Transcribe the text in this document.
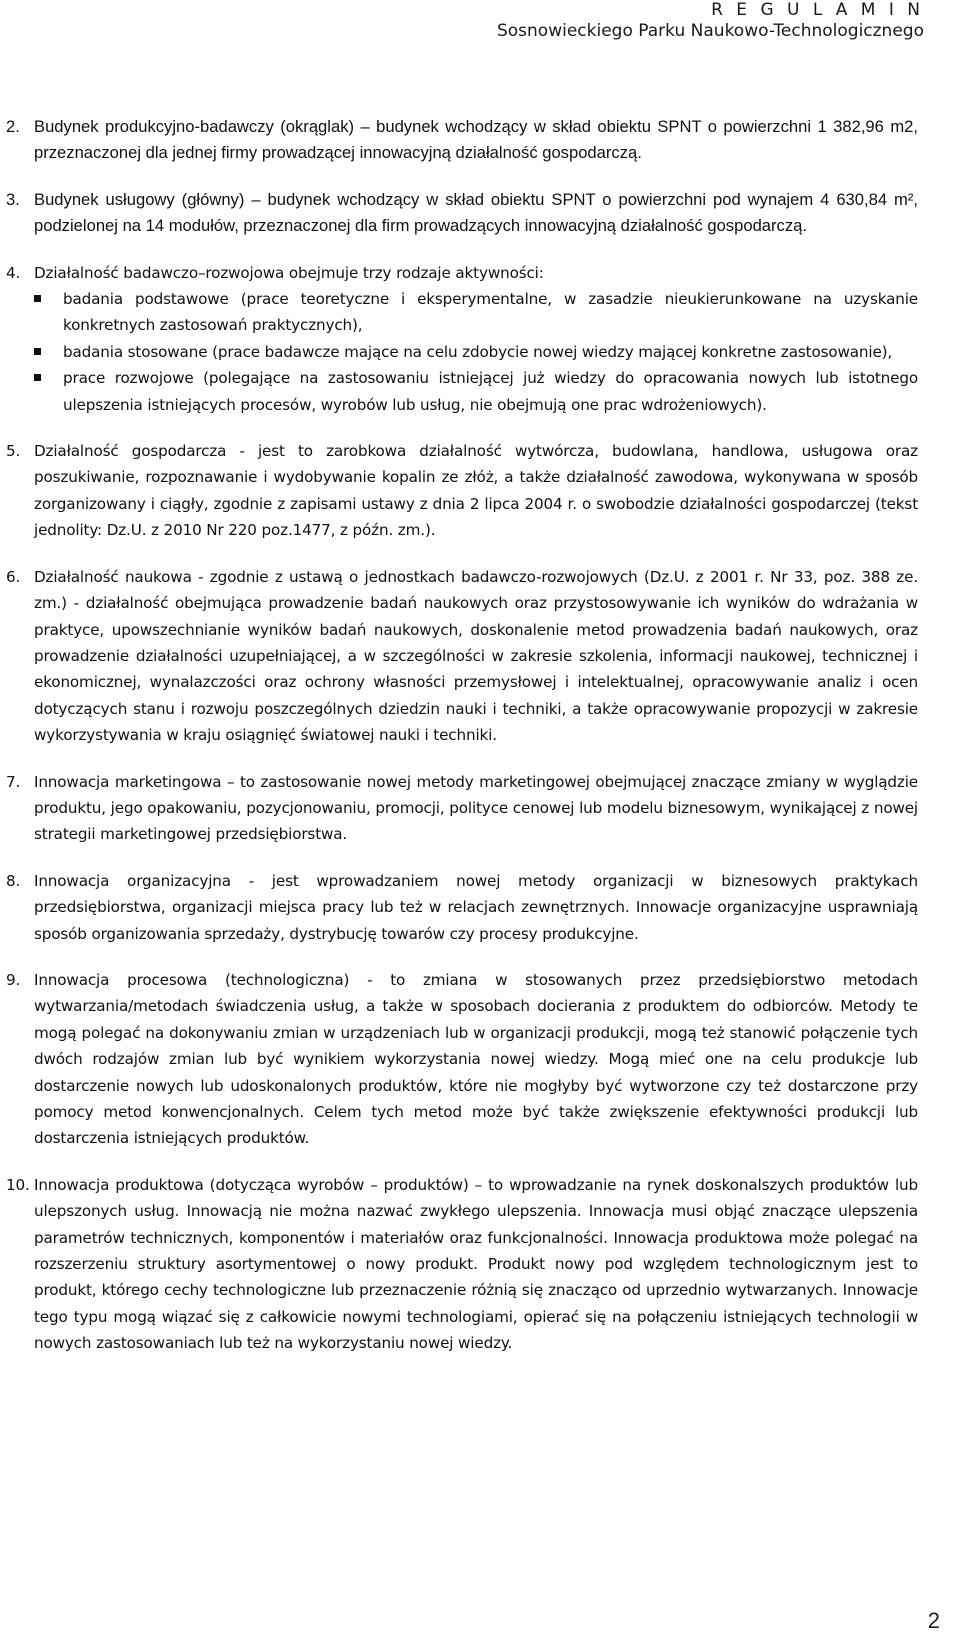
R E G U L A M I N
Sosnowieckiego Parku Naukowo-Technologicznego
2. Budynek produkcyjno-badawczy (okrąglak) – budynek wchodzący w skład obiektu SPNT o powierzchni 1 382,96 m2, przeznaczonej dla jednej firmy prowadzącej innowacyjną działalność gospodarczą.
3. Budynek usługowy (główny) – budynek wchodzący w skład obiektu SPNT o powierzchni pod wynajem 4 630,84 m², podzielonej na 14 modułów, przeznaczonej dla firm prowadzących innowacyjną działalność gospodarczą.
4. Działalność badawczo–rozwojowa obejmuje trzy rodzaje aktywności:
badania podstawowe (prace teoretyczne i eksperymentalne, w zasadzie nieukierunkowane na uzyskanie konkretnych zastosowań praktycznych),
badania stosowane (prace badawcze mające na celu zdobycie nowej wiedzy mającej konkretne zastosowanie),
prace rozwojowe (polegające na zastosowaniu istniejącej już wiedzy do opracowania nowych lub istotnego ulepszenia istniejących procesów, wyrobów lub usług, nie obejmują one prac wdrożeniowych).
5. Działalność gospodarcza - jest to zarobkowa działalność wytwórcza, budowlana, handlowa, usługowa oraz poszukiwanie, rozpoznawanie i wydobywanie kopalin ze złóż, a także działalność zawodowa, wykonywana w sposób zorganizowany i ciągły, zgodnie z zapisami ustawy z dnia 2 lipca 2004 r. o swobodzie działalności gospodarczej (tekst jednolity: Dz.U. z 2010 Nr 220 poz.1477, z późn. zm.).
6. Działalność naukowa - zgodnie z ustawą o jednostkach badawczo-rozwojowych (Dz.U. z 2001 r. Nr 33, poz. 388 ze. zm.) - działalność obejmująca prowadzenie badań naukowych oraz przystosowywanie ich wyników do wdrażania w praktyce, upowszechnianie wyników badań naukowych, doskonalenie metod prowadzenia badań naukowych, oraz prowadzenie działalności uzupełniającej, a w szczególności w zakresie szkolenia, informacji naukowej, technicznej i ekonomicznej, wynalazczości oraz ochrony własności przemysłowej i intelektualnej, opracowywanie analiz i ocen dotyczących stanu i rozwoju poszczególnych dziedzin nauki i techniki, a także opracowywanie propozycji w zakresie wykorzystywania w kraju osiągnięć światowej nauki i techniki.
7. Innowacja marketingowa – to zastosowanie nowej metody marketingowej obejmującej znaczące zmiany w wyglądzie produktu, jego opakowaniu, pozycjonowaniu, promocji, polityce cenowej lub modelu biznesowym, wynikającej z nowej strategii marketingowej przedsiębiorstwa.
8. Innowacja organizacyjna - jest wprowadzaniem nowej metody organizacji w biznesowych praktykach przedsiębiorstwa, organizacji miejsca pracy lub też w relacjach zewnętrznych. Innowacje organizacyjne usprawniają sposób organizowania sprzedaży, dystrybucję towarów czy procesy produkcyjne.
9. Innowacja procesowa (technologiczna) - to zmiana w stosowanych przez przedsiębiorstwo metodach wytwarzania/metodach świadczenia usług, a także w sposobach docierania z produktem do odbiorców. Metody te mogą polegać na dokonywaniu zmian w urządzeniach lub w organizacji produkcji, mogą też stanowić połączenie tych dwóch rodzajów zmian lub być wynikiem wykorzystania nowej wiedzy. Mogą mieć one na celu produkcje lub dostarczenie nowych lub udoskonalonych produktów, które nie mogłyby być wytworzone czy też dostarczone przy pomocy metod konwencjonalnych. Celem tych metod może być także zwiększenie efektywności produkcji lub dostarczenia istniejących produktów.
10. Innowacja produktowa (dotycząca wyrobów – produktów) – to wprowadzanie na rynek doskonalszych produktów lub ulepszonych usług. Innowacją nie można nazwać zwykłego ulepszenia. Innowacja musi objąć znaczące ulepszenia parametrów technicznych, komponentów i materiałów oraz funkcjonalności. Innowacja produktowa może polegać na rozszerzeniu struktury asortymentowej o nowy produkt. Produkt nowy pod względem technologicznym jest to produkt, którego cechy technologiczne lub przeznaczenie różnią się znacząco od uprzednio wytwarzanych. Innowacje tego typu mogą wiązać się z całkowicie nowymi technologiami, opierać się na połączeniu istniejących technologii w nowych zastosowaniach lub też na wykorzystaniu nowej wiedzy.
2
